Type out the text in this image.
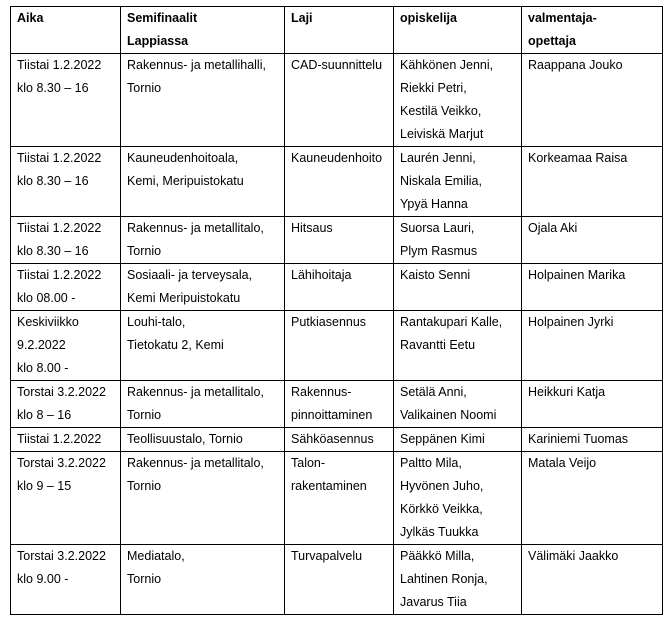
Aika	Semifinaalit
Lappiassa	Laji	opiskelija	valmentaja-
opettaja

Tiistai 1.2.2022
klo 8.30 – 16	Rakennus- ja metallihalli,
Tornio	CAD-suunnittelu	Kähkönen Jenni,
Riekki Petri,
Kestilä Veikko,
Leiviskä Marjut	Raappana Jouko

Tiistai 1.2.2022
klo 8.30 – 16	Kauneudenhoitoala,
Kemi, Meripuistokatu	Kauneudenhoito	Laurén Jenni,
Niskala Emilia,
Ypyä Hanna	Korkeamaa Raisa

Tiistai 1.2.2022
klo 8.30 – 16	Rakennus- ja metallitalo,
Tornio	Hitsaus	Suorsa Lauri,
Plym Rasmus	Ojala Aki

Tiistai 1.2.2022
klo 08.00 -	Sosiaali- ja terveysala,
Kemi Meripuistokatu	Lähihoitaja	Kaisto Senni	Holpainen Marika

Keskiviikko
9.2.2022
klo 8.00 -	Louhi-talo,
Tietokatu 2, Kemi	Putkiasennus	Rantakupari Kalle,
Ravantti Eetu	Holpainen Jyrki

Torstai 3.2.2022
klo 8 – 16	Rakennus- ja metallitalo,
Tornio	Rakennus-
pinnoittaminen	Setälä Anni,
Valikainen Noomi	Heikkuri Katja

Tiistai 1.2.2022	Teollisuustalo, Tornio	Sähköasennus	Seppänen Kimi	Kariniemi Tuomas

Torstai 3.2.2022
klo 9 – 15	Rakennus- ja metallitalo,
Tornio	Talon-
rakentaminen	Paltto Mila,
Hyvönen Juho,
Körkkö Veikka,
Jylkäs Tuukka	Matala Veijo

Torstai 3.2.2022
klo 9.00 -	Mediatalo,
Tornio	Turvapalvelu	Pääkkö Milla,
Lahtinen Ronja,
Javarus Tiia	Välimäki Jaakko
